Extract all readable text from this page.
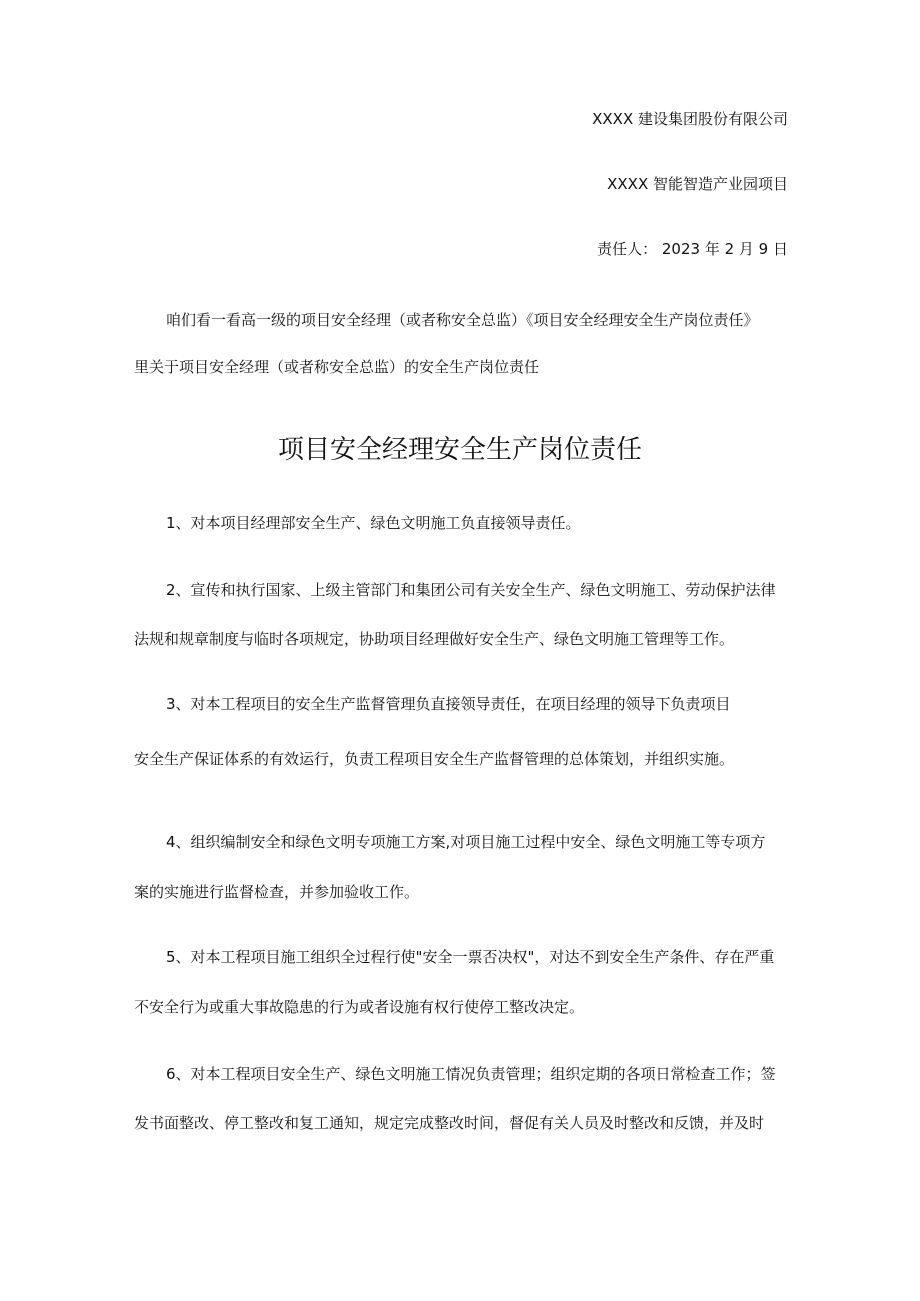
XXXX 建设集团股份有限公司
XXXX 智能智造产业园项目
责任人： 2023 年 2 月 9 日
咱们看一看高一级的项目安全经理（或者称安全总监）《项目安全经理安全生产岗位责任》
里关于项目安全经理（或者称安全总监）的安全生产岗位责任
项目安全经理安全生产岗位责任
1、对本项目经理部安全生产、绿色文明施工负直接领导责任。
2、宣传和执行国家、上级主管部门和集团公司有关安全生产、绿色文明施工、劳动保护法律
法规和规章制度与临时各项规定，协助项目经理做好安全生产、绿色文明施工管理等工作。
3、对本工程项目的安全生产监督管理负直接领导责任，在项目经理的领导下负责项目
安全生产保证体系的有效运行，负责工程项目安全生产监督管理的总体策划，并组织实施。
4、组织编制安全和绿色文明专项施工方案,对项目施工过程中安全、绿色文明施工等专项方
案的实施进行监督检查，并参加验收工作。
5、对本工程项目施工组织全过程行使"安全一票否决权"，对达不到安全生产条件、存在严重
不安全行为或重大事故隐患的行为或者设施有权行使停工整改决定。
6、对本工程项目安全生产、绿色文明施工情况负责管理；组织定期的各项日常检查工作；签
发书面整改、停工整改和复工通知，规定完成整改时间，督促有关人员及时整改和反馈，并及时
